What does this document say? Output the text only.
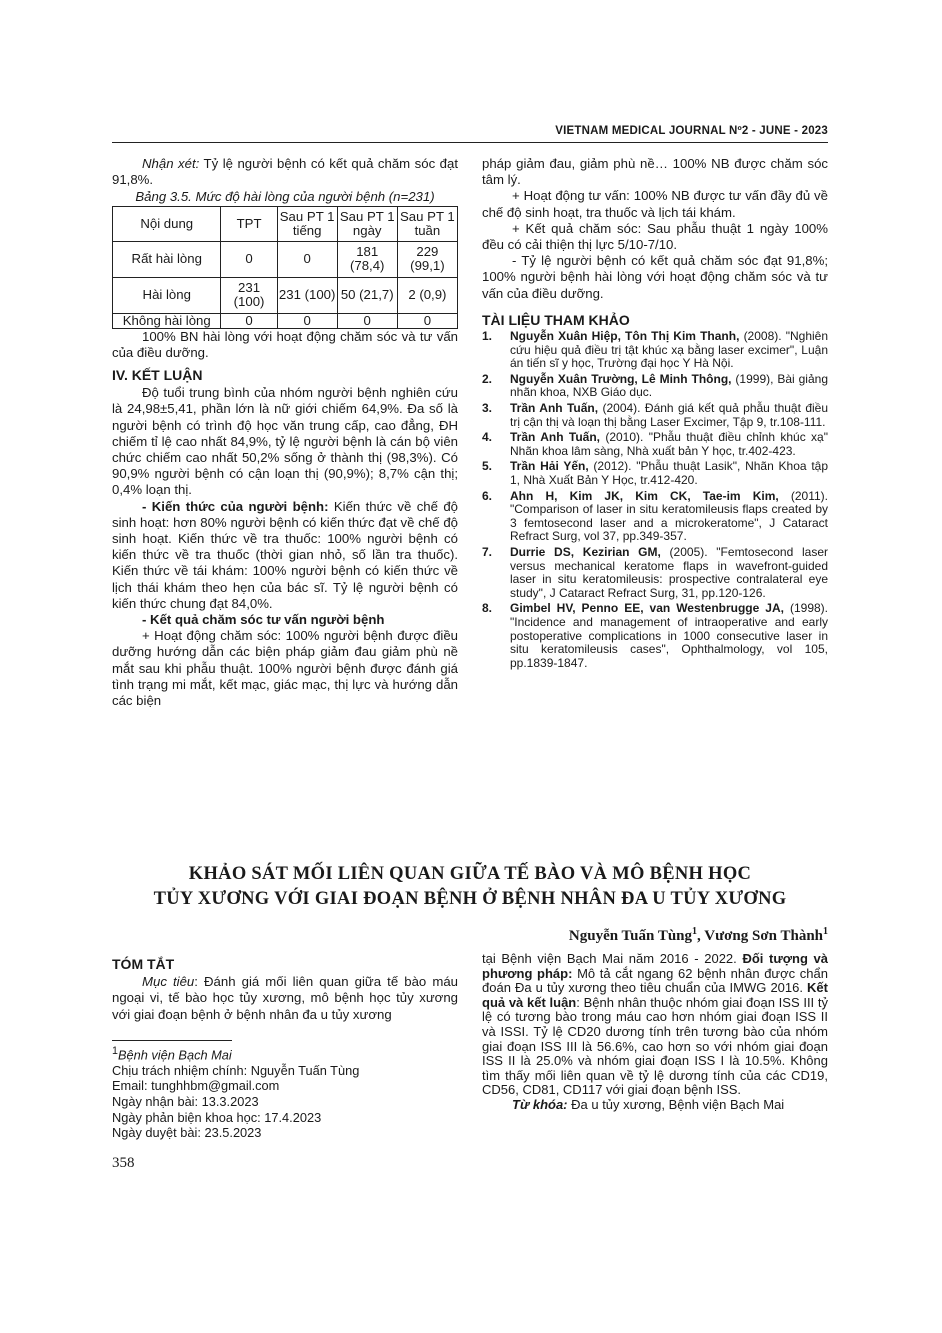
VIETNAM MEDICAL JOURNAL Nº2 - JUNE - 2023

Nhận xét: Tỷ lệ người bệnh có kết quả chăm sóc đạt 91,8%.

Bảng 3.5. Mức độ hài lòng của người bệnh (n=231)

Nội dung	TPT	Sau PT 1 tiếng	Sau PT 1 ngày	Sau PT 1 tuần
Rất hài lòng	0	0	181 (78,4)	229 (99,1)
Hài lòng	231 (100)	231 (100)	50 (21,7)	2 (0,9)
Không hài lòng	0	0	0	0

100% BN hài lòng với hoạt động chăm sóc và tư vấn của điều dưỡng.

IV. KẾT LUẬN

Độ tuổi trung bình của nhóm người bệnh nghiên cứu là 24,98±5,41, phần lớn là nữ giới chiếm 64,9%. Đa số là người bệnh có trình độ học văn trung cấp, cao đẳng, ĐH chiếm tỉ lệ cao nhất 84,9%, tỷ lệ người bệnh là cán bộ viên chức chiếm cao nhất 50,2% sống ở thành thị (98,3%). Có 90,9% người bệnh có cận loạn thị (90,9%); 8,7% cận thị; 0,4% loạn thị.

- Kiến thức của người bệnh: Kiến thức về chế độ sinh hoạt: hơn 80% người bệnh có kiến thức đạt về chế độ sinh hoạt. Kiến thức về tra thuốc: 100% người bệnh có kiến thức về tra thuốc (thời gian nhỏ, số lần tra thuốc). Kiến thức về tái khám: 100% người bệnh có kiến thức về lịch thái khám theo hẹn của bác sĩ. Tỷ lệ người bệnh có kiến thức chung đạt 84,0%.

- Kết quả chăm sóc tư vấn người bệnh

+ Hoạt động chăm sóc: 100% người bệnh được điều dưỡng hướng dẫn các biện pháp giảm đau giảm phù nề mắt sau khi phẫu thuật. 100% người bệnh được đánh giá tình trạng mi mắt, kết mạc, giác mạc, thị lực và hướng dẫn các biện

pháp giảm đau, giảm phù nề… 100% NB được chăm sóc tâm lý.

+ Hoạt động tư vấn: 100% NB được tư vấn đầy đủ về chế độ sinh hoạt, tra thuốc và lịch tái khám.

+ Kết quả chăm sóc: Sau phẫu thuật 1 ngày 100% đều có cải thiện thị lực 5/10-7/10.

- Tỷ lệ người bệnh có kết quả chăm sóc đạt 91,8%; 100% người bệnh hài lòng với hoạt động chăm sóc và tư vấn của điều dưỡng.

TÀI LIỆU THAM KHẢO
1. Nguyễn Xuân Hiệp, Tôn Thị Kim Thanh, (2008). "Nghiên cứu hiệu quả điều trị tật khúc xạ bằng laser excimer", Luận án tiến sĩ y học, Trường đại học Y Hà Nội.
2. Nguyễn Xuân Trường, Lê Minh Thông, (1999), Bài giảng nhãn khoa, NXB Giáo dục.
3. Trần Anh Tuấn, (2004). Đánh giá kết quả phẫu thuật điều trị cận thị và loạn thị bằng Laser Excimer, Tập 9, tr.108-111.
4. Trần Anh Tuấn, (2010). "Phẫu thuật điều chỉnh khúc xạ" Nhãn khoa lâm sàng, Nhà xuất bản Y học, tr.402-423.
5. Trần Hải Yến, (2012). "Phẫu thuật Lasik", Nhãn Khoa tập 1, Nhà Xuất Bản Y Học, tr.412-420.
6. Ahn H, Kim JK, Kim CK, Tae-im Kim, (2011). "Comparison of laser in situ keratomileusis flaps created by 3 femtosecond laser and a microkeratome", J Cataract Refract Surg, vol 37, pp.349-357.
7. Durrie DS, Kezirian GM, (2005). "Femtosecond laser versus mechanical keratome flaps in wavefront-guided laser in situ keratomileusis: prospective contralateral eye study", J Cataract Refract Surg, 31, pp.120-126.
8. Gimbel HV, Penno EE, van Westenbrugge JA, (1998). "Incidence and management of intraoperative and early postoperative complications in 1000 consecutive laser in situ keratomileusis cases", Ophthalmology, vol 105, pp.1839-1847.
KHẢO SÁT MỐI LIÊN QUAN GIỮA TẾ BÀO VÀ MÔ BỆNH HỌC
TỦY XƯƠNG VỚI GIAI ĐOẠN BỆNH Ở BỆNH NHÂN ĐA U TỦY XƯƠNG
Nguyễn Tuấn Tùng$^1$, Vương Sơn Thành$^1$
TÓM TẮT

Mục tiêu: Đánh giá mối liên quan giữa tế bào máu ngoại vi, tế bào học tủy xương, mô bệnh học tủy xương với giai đoạn bệnh ở bệnh nhân đa u tủy xương

$^1$Bệnh viện Bạch Mai
Chịu trách nhiệm chính: Nguyễn Tuấn Tùng
Email: tunghhbm@gmail.com
Ngày nhận bài: 13.3.2023
Ngày phản biện khoa học: 17.4.2023
Ngày duyệt bài: 23.5.2023

tại Bệnh viện Bạch Mai năm 2016 - 2022. Đối tượng và phương pháp: Mô tả cắt ngang 62 bệnh nhân được chẩn đoán Đa u tủy xương theo tiêu chuẩn của IMWG 2016. Kết quả và kết luận: Bệnh nhân thuộc nhóm giai đoạn ISS III tỷ lệ có tương bào trong máu cao hơn nhóm giai đoạn ISS II và ISSI. Tỷ lệ CD20 dương tính trên tương bào của nhóm giai đoạn ISS III là 56.6%, cao hơn so với nhóm giai đoạn ISS II là 25.0% và nhóm giai đoạn ISS I là 10.5%. Không tìm thấy mối liên quan về tỷ lệ dương tính của các CD19, CD56, CD81, CD117 với giai đoạn bệnh ISS.

Từ khóa: Đa u tủy xương, Bệnh viện Bạch Mai

358
